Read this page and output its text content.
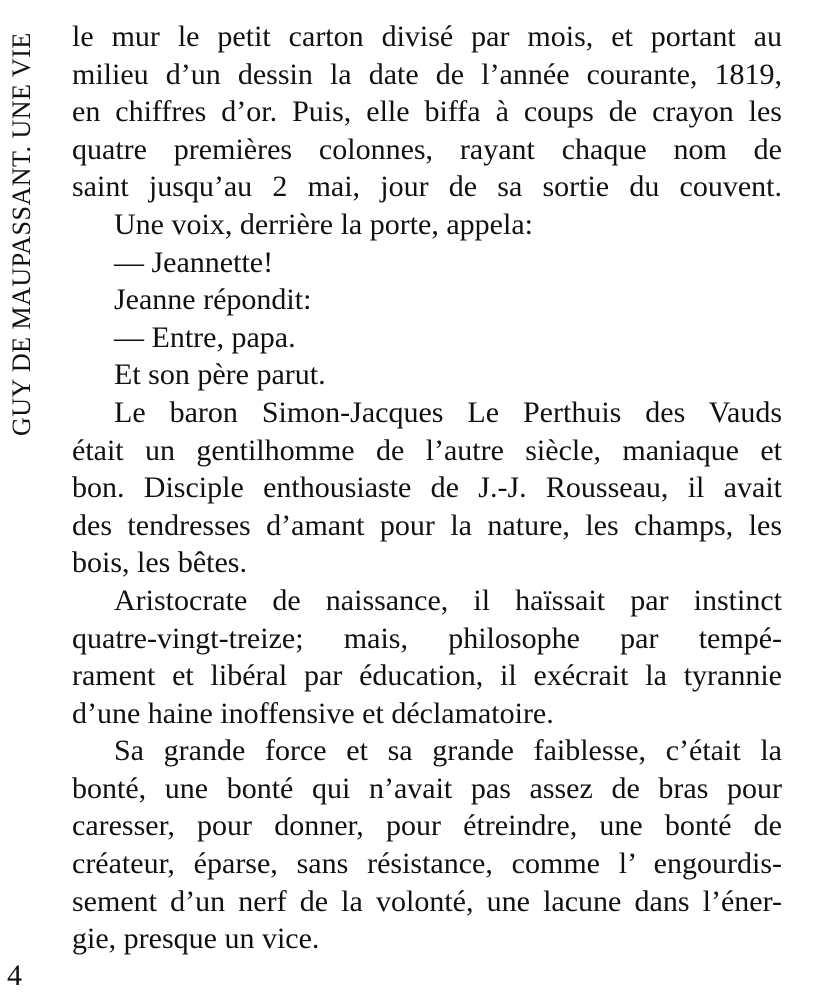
GUY DE MAUPASSANT. UNE VIE le mur le petit carton divisé par mois, et portant au
milieu d’un dessin la date de l’année courante, 1819,
en chiffres d’or. Puis, elle biffa à coups de crayon les
quatre premières colonnes, rayant chaque nom de
saint jusqu’au 2 mai, jour de sa sortie du couvent.
Une voix, derrière la porte, appela:
— Jeannette!
Jeanne répondit:
— Entre, papa.
Et son père parut.
Le baron Simon-Jacques Le Perthuis des Vauds
était un gentilhomme de l’autre siècle, maniaque et
bon. Disciple enthousiaste de J.-J. Rousseau, il avait
des tendresses d’amant pour la nature, les champs, les
bois, les bêtes.
Aristocrate de naissance, il haïssait par instinct
quatre-vingt-treize; mais, philosophe par tempé-
rament et libéral par éducation, il exécrait la tyrannie
d’une haine inoffensive et déclamatoire.
Sa grande force et sa grande faiblesse, c’était la
bonté, une bonté qui n’avait pas assez de bras pour
caresser, pour donner, pour étreindre, une bonté de
créateur, éparse, sans résistance, comme l’ engourdis-
sement d’un nerf de la volonté, une lacune dans l’éner-
gie, presque un vice.
4
